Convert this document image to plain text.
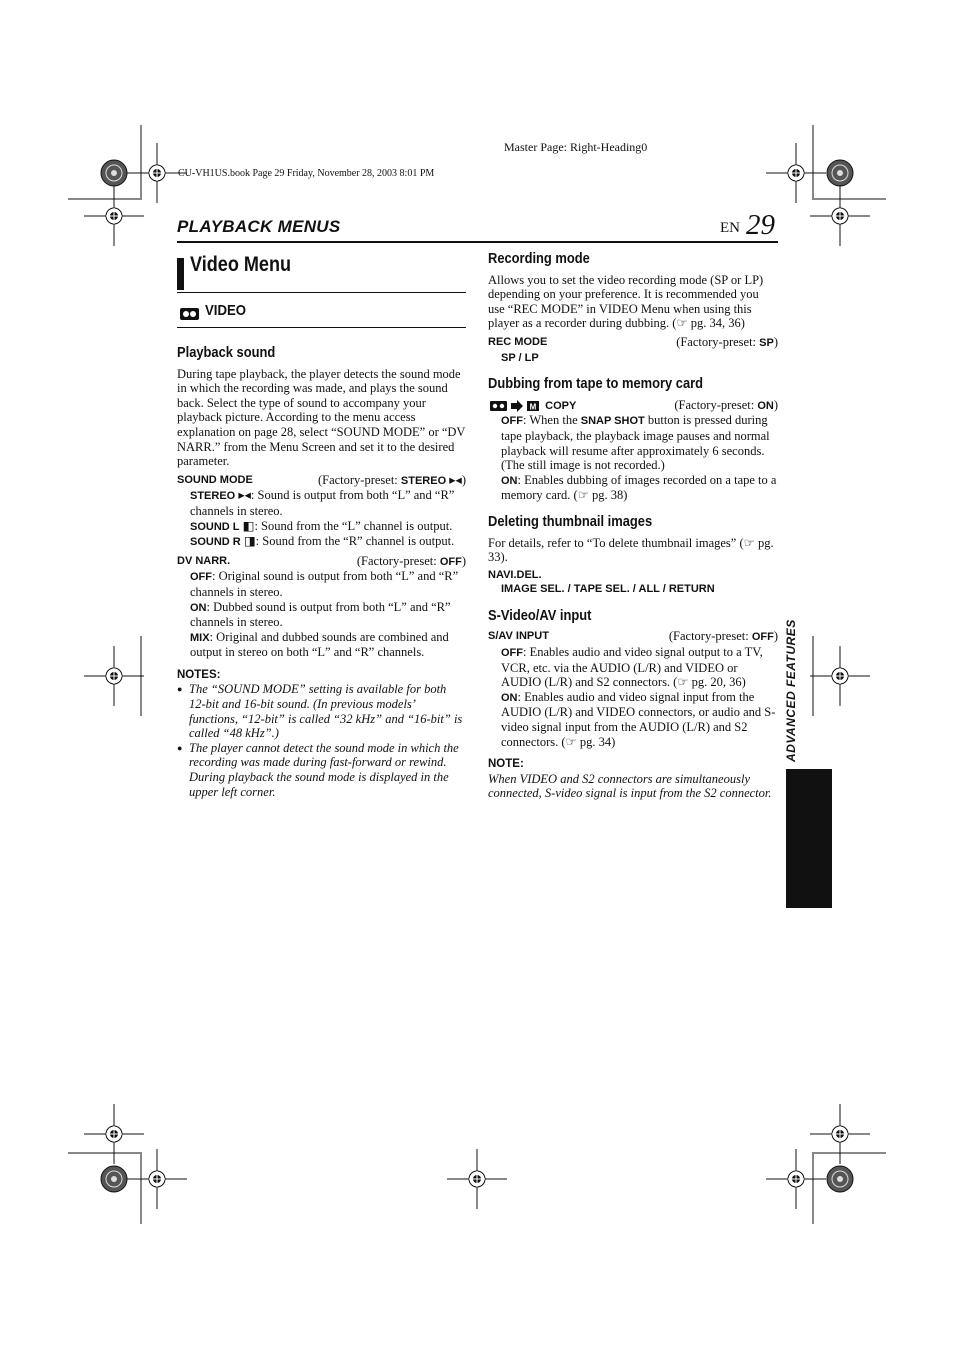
Master Page: Right-Heading0
CU-VH1US.book Page 29 Friday, November 28, 2003 8:01 PM
PLAYBACK MENUS	EN 29
Video Menu
VIDEO
Playback sound

During tape playback, the player detects the sound mode in which the recording was made, and plays the sound back. Select the type of sound to accompany your playback picture. According to the menu access explanation on page 28, select “SOUND MODE” or “DV NARR.” from the Menu Screen and set it to the desired parameter.

SOUND MODE	(Factory-preset: STEREO ▸◂)

STEREO ▸◂: Sound is output from both “L” and “R” channels in stereo.

SOUND L ◧: Sound from the “L” channel is output.

SOUND R ◨: Sound from the “R” channel is output.

DV NARR.	(Factory-preset: OFF)

OFF: Original sound is output from both “L” and “R” channels in stereo.

ON: Dubbed sound is output from both “L” and “R” channels in stereo.

MIX: Original and dubbed sounds are combined and output in stereo on both “L” and “R” channels.

NOTES:

● The “SOUND MODE” setting is available for both 12-bit and 16-bit sound. (In previous models’ functions, “12-bit” is called “32 kHz” and “16-bit” is called “48 kHz”.)

● The player cannot detect the sound mode in which the recording was made during fast-forward or rewind. During playback the sound mode is displayed in the upper left corner.

Recording mode

Allows you to set the video recording mode (SP or LP) depending on your preference. It is recommended you use “REC MODE” in VIDEO Menu when using this player as a recorder during dubbing. (☞ pg. 34, 36)

REC MODE	(Factory-preset: SP)

SP / LP

Dubbing from tape to memory card
M COPY	(Factory-preset: ON)

OFF: When the SNAP SHOT button is pressed during tape playback, the playback image pauses and normal playback will resume after approximately 6 seconds. (The still image is not recorded.)

ON: Enables dubbing of images recorded on a tape to a memory card. (☞ pg. 38)

Deleting thumbnail images

For details, refer to “To delete thumbnail images” (☞ pg. 33).

NAVI.DEL.

IMAGE SEL. / TAPE SEL. / ALL / RETURN

S-Video/AV input
S/AV INPUT	(Factory-preset: OFF)

OFF: Enables audio and video signal output to a TV, VCR, etc. via the AUDIO (L/R) and VIDEO or AUDIO (L/R) and S2 connectors. (☞ pg. 20, 36)

ON: Enables audio and video signal input from the AUDIO (L/R) and VIDEO connectors, or audio and S-video signal input from the AUDIO (L/R) and S2 connectors. (☞ pg. 34)

NOTE:

When VIDEO and S2 connectors are simultaneously connected, S-video signal is input from the S2 connector.

ADVANCED FEATURES
